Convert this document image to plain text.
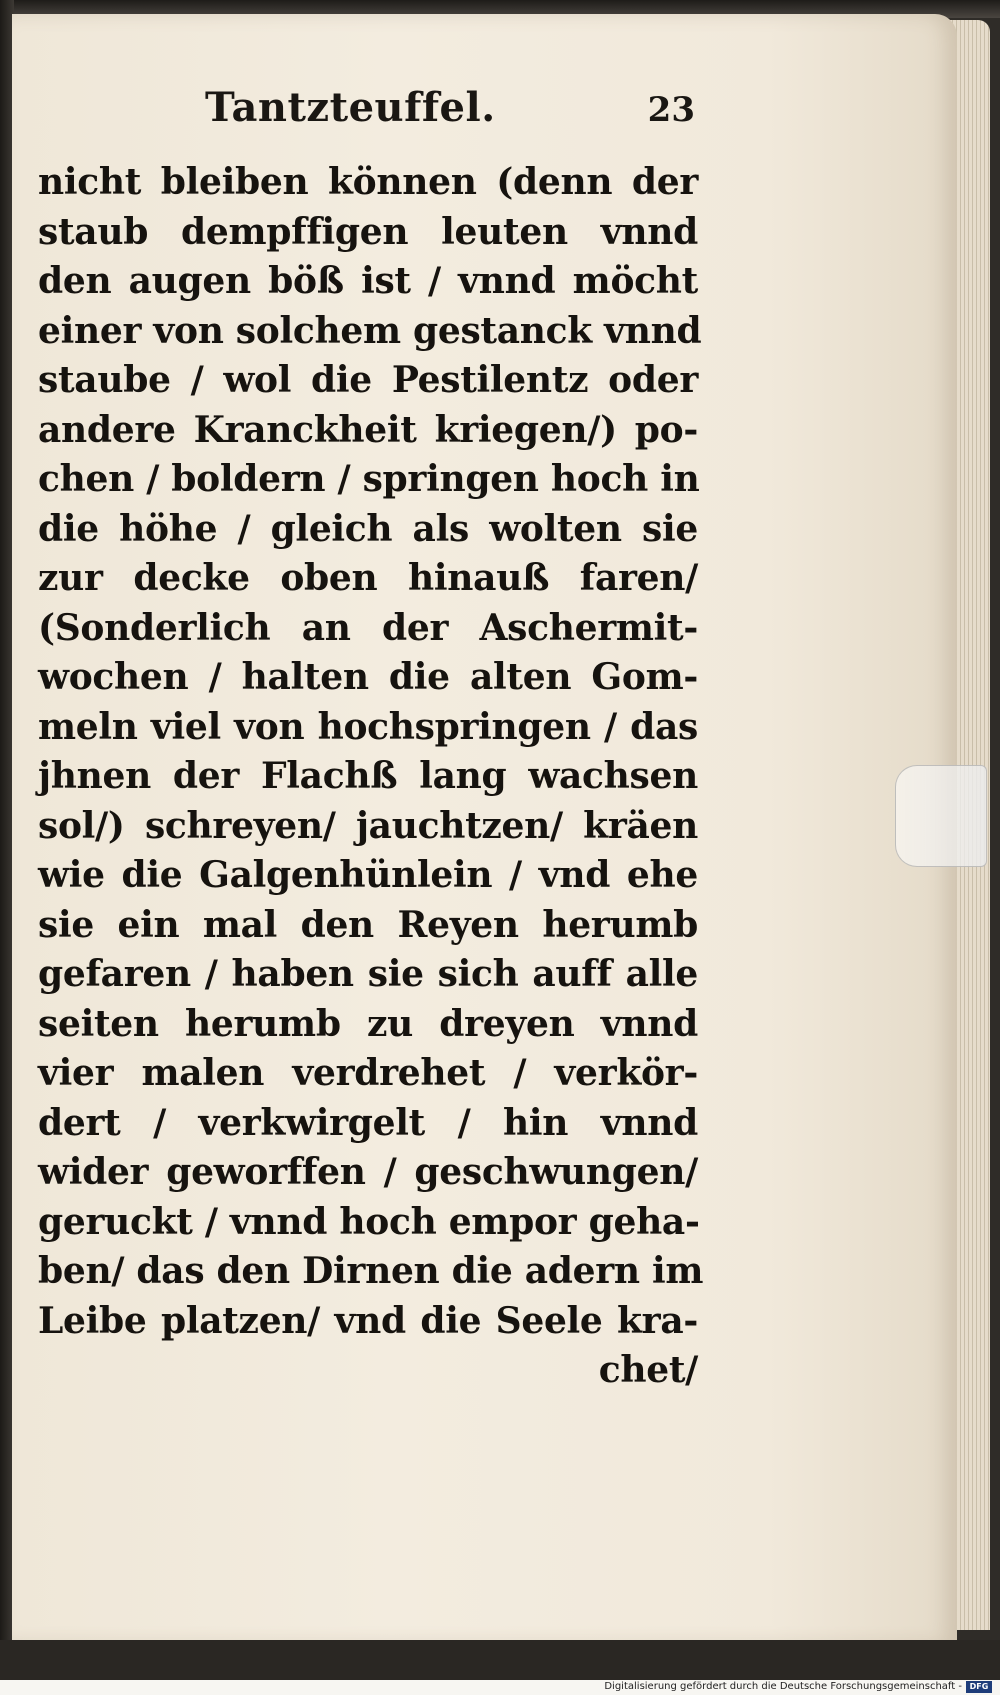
Tantzteuffel.	23
nicht bleiben können (denn der
staub dempffigen leuten vnnd
den augen böß ist / vnnd möcht
einer von solchem gestanck vnnd
staube / wol die Pestilentz oder
andere Kranckheit kriegen/) po-
chen / boldern / springen hoch in
die höhe / gleich als wolten sie
zur decke oben hinauß faren/
(Sonderlich an der Aschermit-
wochen / halten die alten Gom-
meln viel von hochspringen / das
jhnen der Flachß lang wachsen
sol/) schreyen/ jauchtzen/ kräen
wie die Galgenhünlein / vnd ehe
sie ein mal den Reyen herumb
gefaren / haben sie sich auff alle
seiten herumb zu dreyen vnnd
vier malen verdrehet / verkör-
dert / verkwirgelt / hin vnnd
wider geworffen / geschwungen/
geruckt / vnnd hoch empor geha-
ben/ das den Dirnen die adern im
Leibe platzen/ vnd die Seele kra-
chet/
Digitalisierung gefördert durch die Deutsche Forschungsgemeinschaft - DFG
